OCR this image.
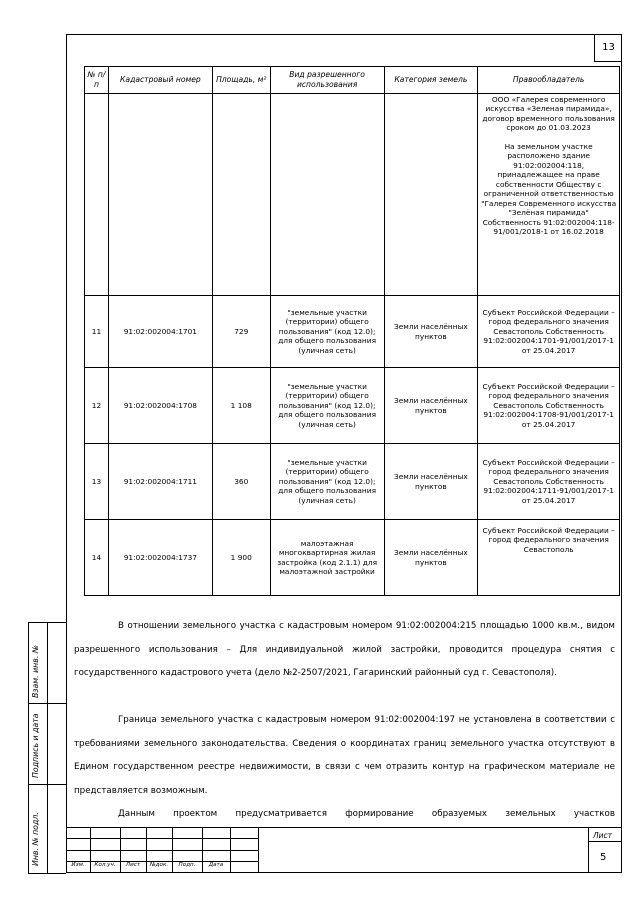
13
№ п/п	Кадастровый номер	Площадь, м²	Вид разрешенного использования	Категория земель	Правообладатель

					ООО «Галерея современного искусства «Зеленая пирамида», договор временного пользования сроком до 01.03.2023
На земельном участке расположено здание 91:02:002004:118, принадлежащее на праве собственности Обществу с ограниченной ответственностью "Галерея Современного искусства "Зелёная пирамида" Собственность 91:02:002004:118-91/001/2018-1 от 16.02.2018

11	91:02:002004:1701	729	"земельные участки (территории) общего пользования" (код 12.0); для общего пользования (уличная сеть)	Земли населённых пунктов	Субъект Российской Федерации – город федерального значения Севастополь Собственность 91:02:002004:1701-91/001/2017-1 от 25.04.2017
12	91:02:002004:1708	1 108	"земельные участки (территории) общего пользования" (код 12.0); для общего пользования (уличная сеть)	Земли населённых пунктов	Субъект Российской Федерации – город федерального значения Севастополь Собственность 91:02:002004:1708-91/001/2017-1 от 25.04.2017
13	91:02:002004:1711	360	"земельные участки (территории) общего пользования" (код 12.0); для общего пользования (уличная сеть)	Земли населённых пунктов	Субъект Российской Федерации – город федерального значения Севастополь Собственность 91:02:002004:1711-91/001/2017-1 от 25.04.2017
14	91:02:002004:1737	1 900	малоэтажная многоквартирная жилая застройка (код 2.1.1) для малоэтажной застройки	Земли населённых пунктов	Субъект Российской Федерации – город федерального значения Севастополь

В отношении земельного участка с кадастровым номером 91:02:002004:215 площадью 1000 кв.м., видом разрешенного использования – Для индивидуальной жилой застройки, проводится процедура снятия с государственного кадастрового учета (дело №2-2507/2021, Гагаринский районный суд г. Севастополя).

Граница земельного участка с кадастровым номером 91:02:002004:197 не установлена в соответствии с требованиями земельного законодательства. Сведения о координатах границ земельного участка отсутствуют в Едином государственном реестре недвижимости, в связи с чем отразить контур на графическом материале не представляется возможным.

Данным проектом предусматривается формирование образуемых земельных участков

Взам. инв. №
Подпись и дата
Инв. № подл.	Изм.	Кол.уч.	Лист	№док.	Подп.	Дата
Лист
5
